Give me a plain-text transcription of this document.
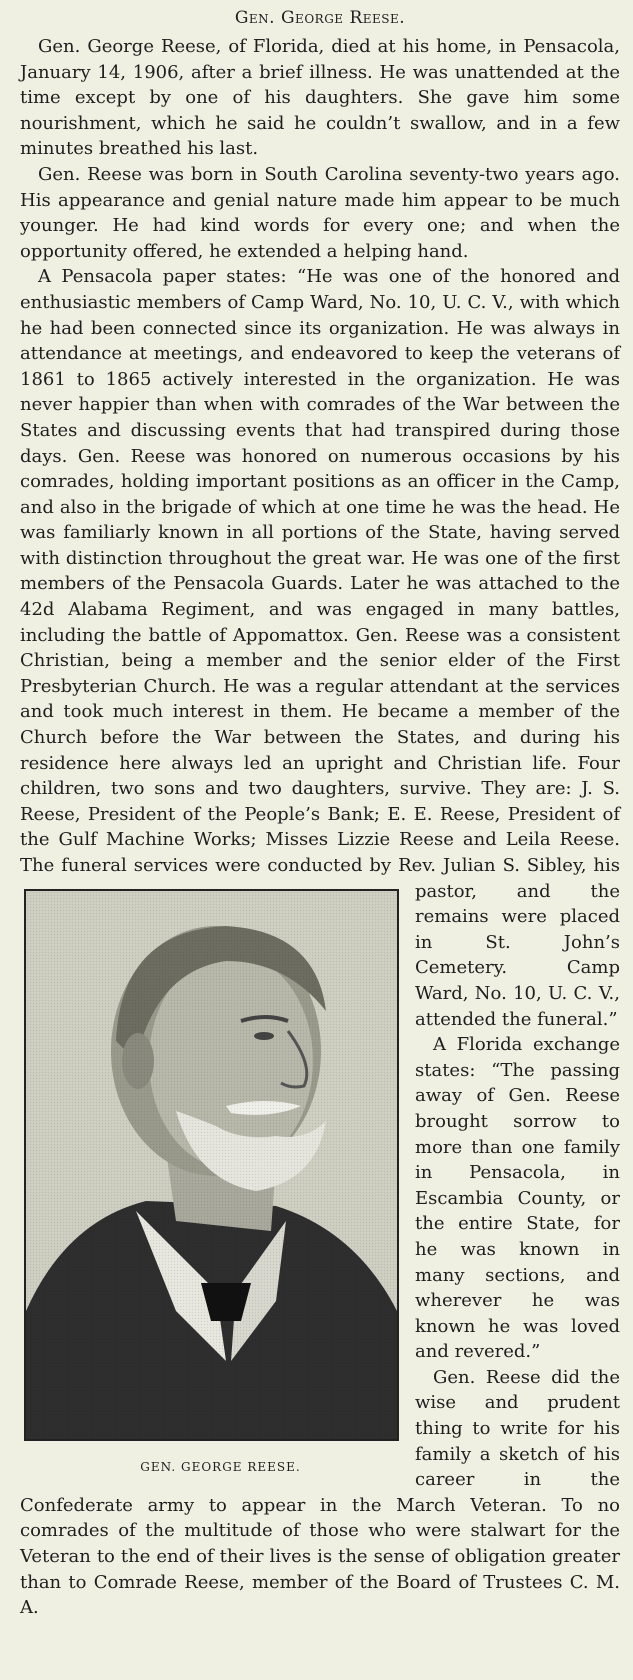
Gen. George Reese.

Gen. George Reese, of Florida, died at his home, in Pensacola, January 14, 1906, after a brief illness. He was unattended at the time except by one of his daughters. She gave him some nourishment, which he said he couldn’t swallow, and in a few minutes breathed his last.

Gen. Reese was born in South Carolina seventy-two years ago. His appearance and genial nature made him appear to be much younger. He had kind words for every one; and when the opportunity offered, he extended a helping hand.

A Pensacola paper states: “He was one of the honored and enthusiastic members of Camp Ward, No. 10, U. C. V., with which he had been connected since its organization. He was always in attendance at meetings, and endeavored to keep the veterans of 1861 to 1865 actively interested in the organization. He was never happier than when with comrades of the War between the States and discussing events that had transpired during those days. Gen. Reese was honored on numerous occasions by his comrades, holding important positions as an officer in the Camp, and also in the brigade of which at one time he was the head. He was familiarly known in all portions of the State, having served with distinction throughout the great war. He was one of the first members of the Pensacola Guards. Later he was attached to the 42d Alabama Regiment, and was engaged in many battles, including the battle of Appomattox. Gen. Reese was a consistent Christian, being a member and the senior elder of the First Presbyterian Church. He was a regular attendant at the services and took much interest in them. He became a member of the Church before the War between the States, and during his residence here always led an upright and Christian life. Four children, two sons and two daughters, survive. They are: J. S. Reese, President of the People’s Bank; E. E. Reese, President of the Gulf Machine Works; Misses Lizzie Reese and Leila Reese. The funeral services were conducted by Rev. Julian S. Sibley, his pastor, and
GEN. GEORGE REESE.
the remains were placed in St. John’s Cemetery. Camp Ward, No. 10, U. C. V., attended the funeral.”

A Florida exchange states: “The passing away of Gen. Reese brought sorrow to more than one family in Pensacola, in Escambia County, or the entire State, for he was known in many sections, and wherever he was known he was loved and revered.”

Gen. Reese did the wise and prudent thing to write for his family a sketch of his career in the Confederate army to appear in the March Veteran. To no comrades of the multitude of those who were stalwart for the Veteran to the end of their lives is the sense of obligation greater than to Comrade Reese, member of the Board of Trustees C. M. A.
